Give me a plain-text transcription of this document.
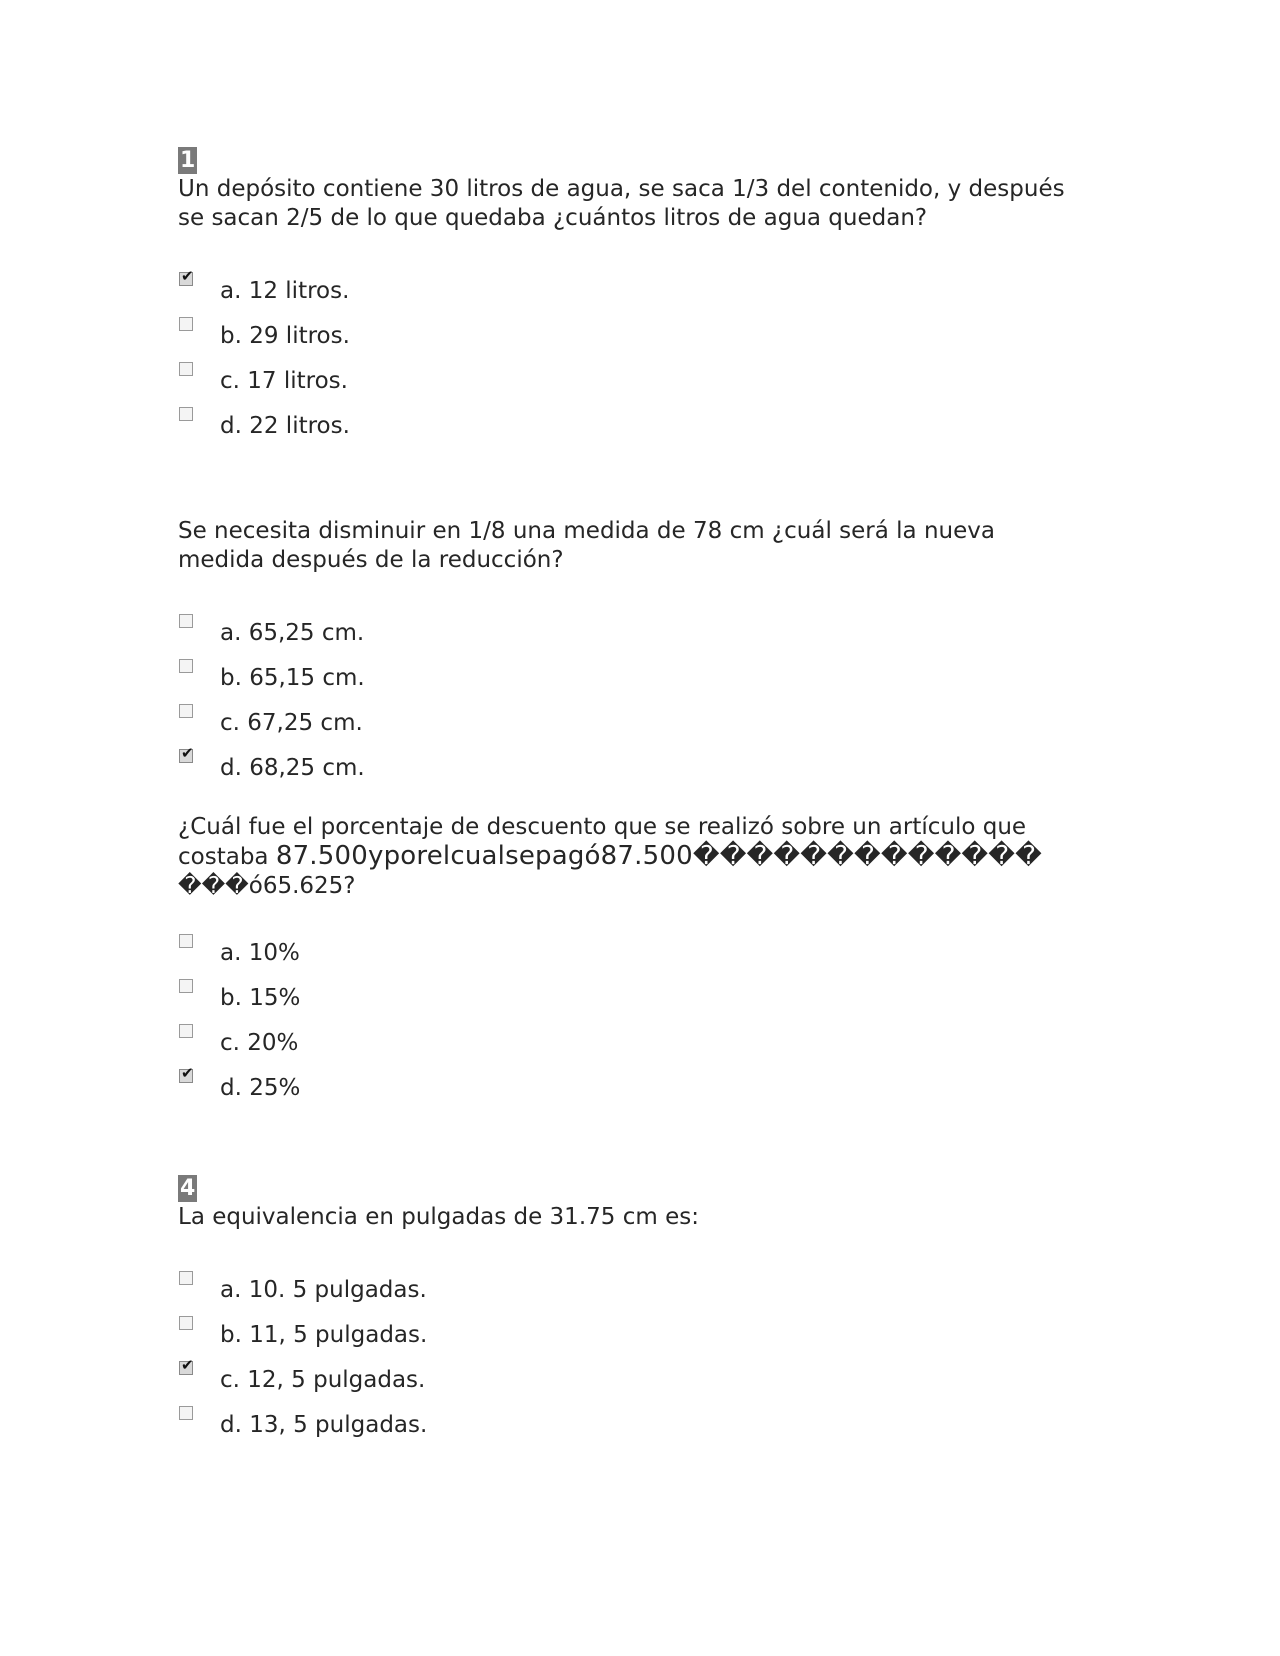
1

Un depósito contiene 30 litros de agua, se saca 1/3 del contenido, y después se sacan 2/5 de lo que quedaba ¿cuántos litros de agua quedan?

✔
a. 12 litros.
b. 29 litros.
c. 17 litros.
d. 22 litros.

Se necesita disminuir en 1/8 una medida de 78 cm ¿cuál será la nueva medida después de la reducción?

a. 65,25 cm.
b. 65,15 cm.
c. 67,25 cm.
✔
d. 68,25 cm.

¿Cuál fue el porcentaje de descuento que se realizó sobre un artículo que
costaba 87.500yporelcualsepagó87.500�������������
���ó65.625?

a. 10%
b. 15%
c. 20%
✔
d. 25%
4

La equivalencia en pulgadas de 31.75 cm es:

a. 10. 5 pulgadas.
b. 11, 5 pulgadas.
✔
c. 12, 5 pulgadas.
d. 13, 5 pulgadas.
